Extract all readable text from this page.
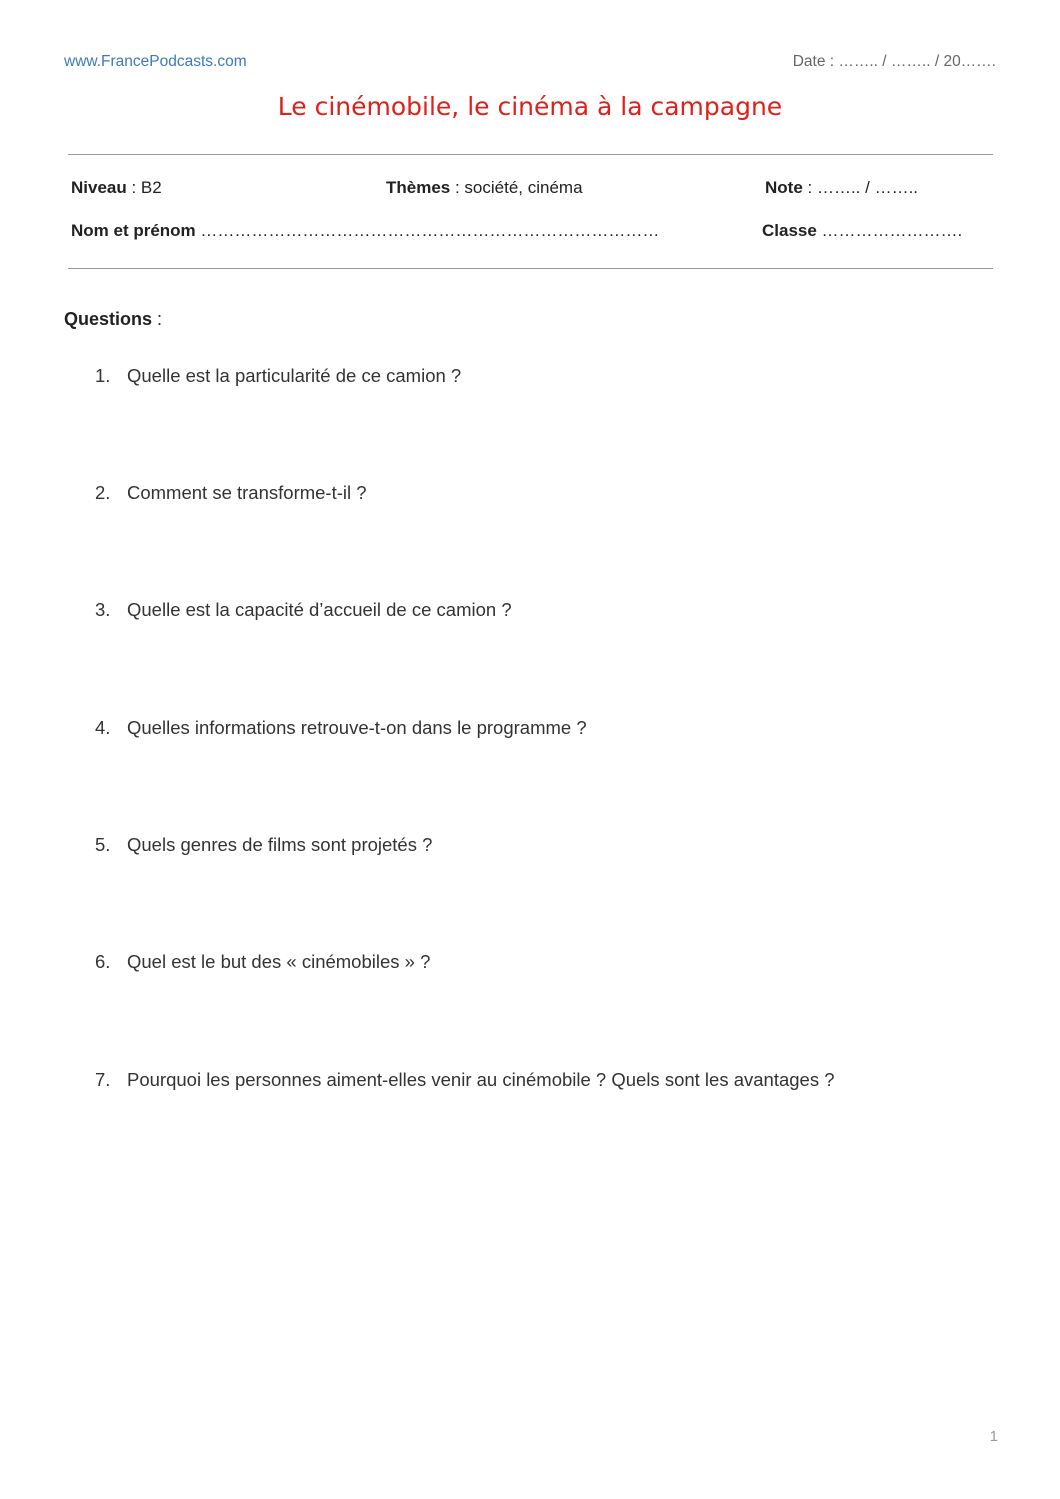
www.FrancePodcasts.com	Date : …….. / …….. / 20…….
Le cinémobile, le cinéma à la campagne
Niveau : B2	Thèmes : société, cinéma	Note : …….. / ……..
Nom et prénom ………………………………………………………………………	Classe …………………….
Questions :
1. Quelle est la particularité de ce camion ?
2. Comment se transforme-t-il ?
3. Quelle est la capacité d’accueil de ce camion ?
4. Quelles informations retrouve-t-on dans le programme ?
5. Quels genres de films sont projetés ?
6. Quel est le but des « cinémobiles » ?
7. Pourquoi les personnes aiment-elles venir au cinémobile ? Quels sont les avantages ?
1
